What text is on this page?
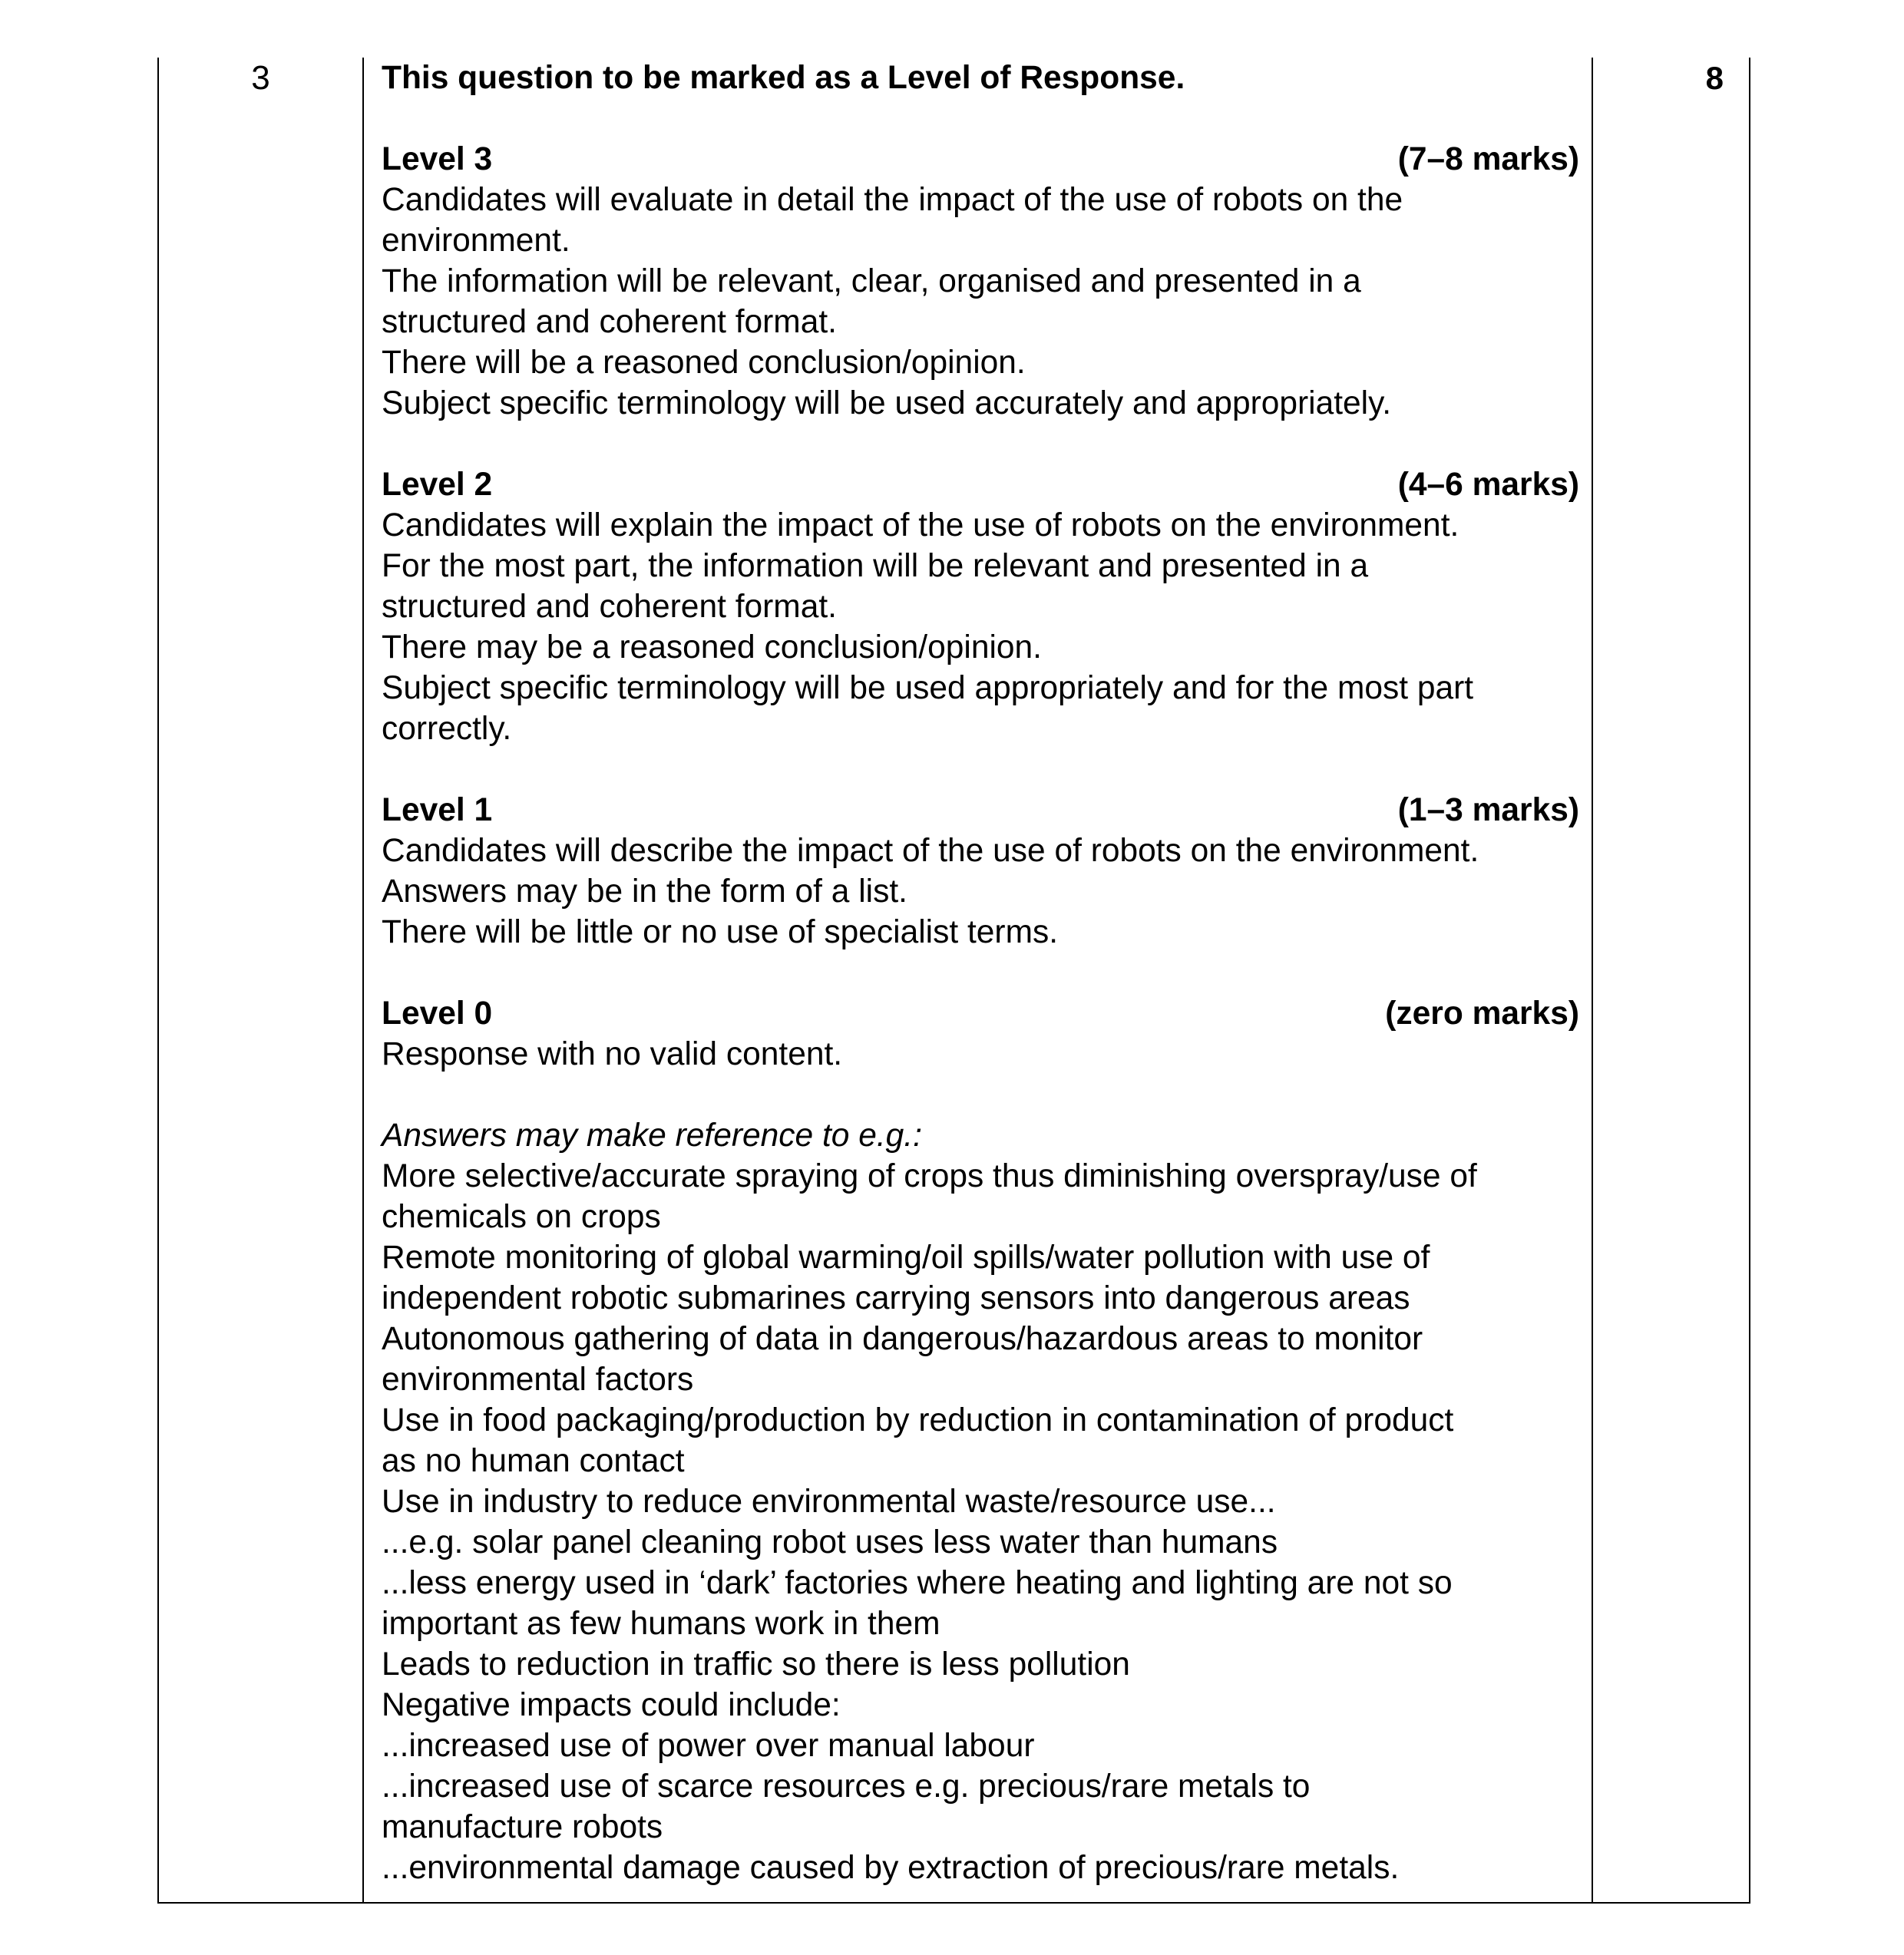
3	This question to be marked as a Level of Response.

Level 3	(7–8 marks)

Candidates will evaluate in detail the impact of the use of robots on the

environment.

The information will be relevant, clear, organised and presented in a

structured and coherent format.

There will be a reasoned conclusion/opinion.

Subject specific terminology will be used accurately and appropriately.

Level 2	(4–6 marks)

Candidates will explain the impact of the use of robots on the environment.

For the most part, the information will be relevant and presented in a

structured and coherent format.

There may be a reasoned conclusion/opinion.

Subject specific terminology will be used appropriately and for the most part

correctly.

Level 1	(1–3 marks)

Candidates will describe the impact of the use of robots on the environment.

Answers may be in the form of a list.

There will be little or no use of specialist terms.

Level 0	(zero marks)

Response with no valid content.

Answers may make reference to e.g.:

More selective/accurate spraying of crops thus diminishing overspray/use of

chemicals on crops

Remote monitoring of global warming/oil spills/water pollution with use of

independent robotic submarines carrying sensors into dangerous areas

Autonomous gathering of data in dangerous/hazardous areas to monitor

environmental factors

Use in food packaging/production by reduction in contamination of product

as no human contact

Use in industry to reduce environmental waste/resource use...

...e.g. solar panel cleaning robot uses less water than humans

...less energy used in ‘dark’ factories where heating and lighting are not so

important as few humans work in them

Leads to reduction in traffic so there is less pollution

Negative impacts could include:

...increased use of power over manual labour

...increased use of scarce resources e.g. precious/rare metals to

manufacture robots

...environmental damage caused by extraction of precious/rare metals.

8
